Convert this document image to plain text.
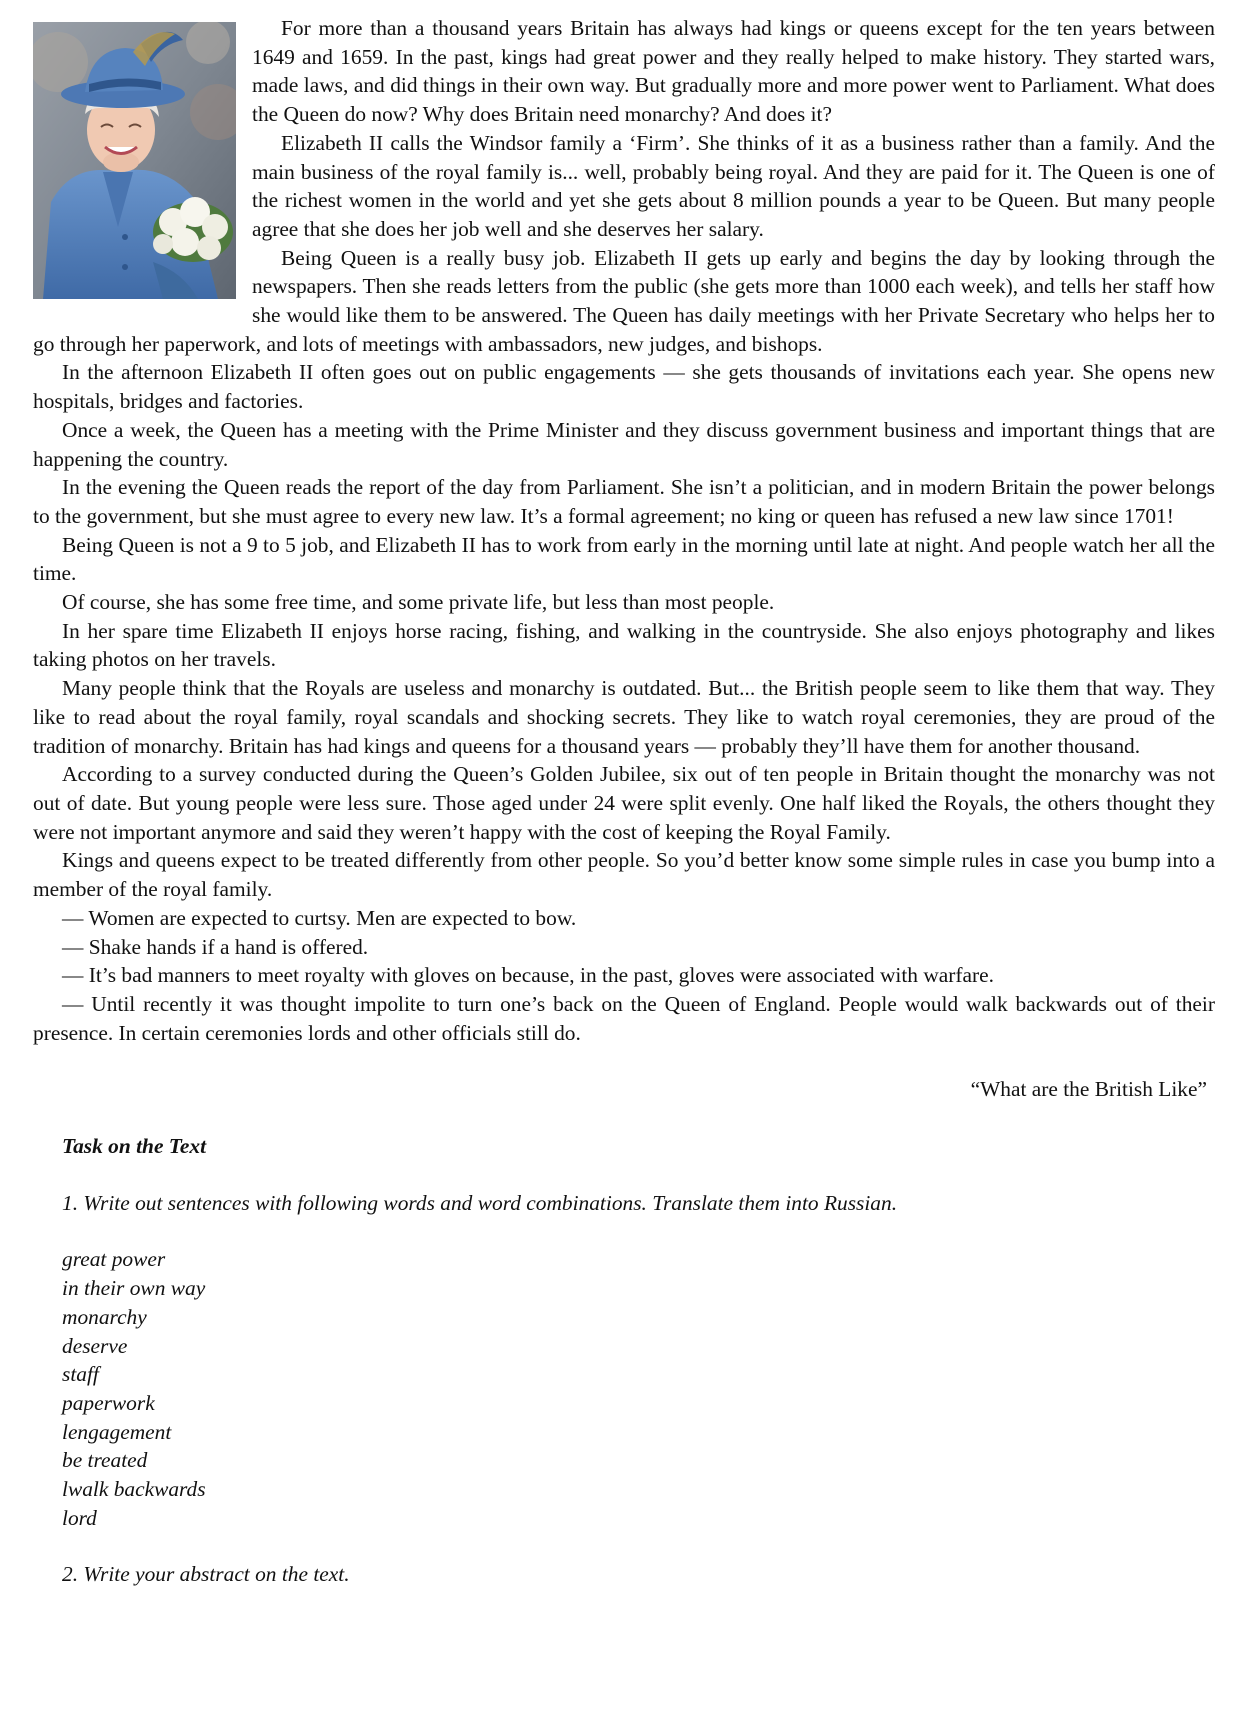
For more than a thousand years Britain has always had kings or queens except for the ten years between 1649 and 1659. In the past, kings had great power and they really helped to make history. They started wars, made laws, and did things in their own way. But gradually more and more power went to Parliament. What does the Queen do now? Why does Britain need monarchy? And does it?

Elizabeth II calls the Windsor family a ‘Firm’. She thinks of it as a business rather than a family. And the main business of the royal family is... well, probably being royal. And they are paid for it. The Queen is one of the richest women in the world and yet she gets about 8 million pounds a year to be Queen. But many people agree that she does her job well and she deserves her salary.

Being Queen is a really busy job. Elizabeth II gets up early and begins the day by looking through the newspapers. Then she reads letters from the public (she gets more than 1000 each week), and tells her staff how she would like them to be answered. The Queen has daily meetings with her Private Secretary who helps her to go through her paperwork, and lots of meetings with ambassadors, new judges, and bishops.

In the afternoon Elizabeth II often goes out on public engagements — she gets thousands of invitations each year. She opens new hospitals, bridges and factories.

Once a week, the Queen has a meeting with the Prime Minister and they discuss government business and important things that are happening the country.

In the evening the Queen reads the report of the day from Parliament. She isn’t a politician, and in modern Britain the power belongs to the government, but she must agree to every new law. It’s a formal agreement; no king or queen has refused a new law since 1701!

Being Queen is not a 9 to 5 job, and Elizabeth II has to work from early in the morning until late at night. And people watch her all the time.

Of course, she has some free time, and some private life, but less than most people.

In her spare time Elizabeth II enjoys horse racing, fishing, and walking in the countryside. She also enjoys photography and likes taking photos on her travels.

Many people think that the Royals are useless and monarchy is outdated. But... the British people seem to like them that way. They like to read about the royal family, royal scandals and shocking secrets. They like to watch royal ceremonies, they are proud of the tradition of monarchy. Britain has had kings and queens for a thousand years — probably they’ll have them for another thousand.

According to a survey conducted during the Queen’s Golden Jubilee, six out of ten people in Britain thought the monarchy was not out of date. But young people were less sure. Those aged under 24 were split evenly. One half liked the Royals, the others thought they were not important anymore and said they weren’t happy with the cost of keeping the Royal Family.

Kings and queens expect to be treated differently from other people. So you’d better know some simple rules in case you bump into a member of the royal family.

— Women are expected to curtsy. Men are expected to bow.

— Shake hands if a hand is offered.

— It’s bad manners to meet royalty with gloves on because, in the past, gloves were associated with warfare.

— Until recently it was thought impolite to turn one’s back on the Queen of England. People would walk backwards out of their presence. In certain ceremonies lords and other officials still do.

“What are the British Like”
Task on the Text
1. Write out sentences with following words and word combinations. Translate them into Russian.
great power
in their own way
monarchy
deserve
staff
paperwork
lengagement
be treated
lwalk backwards
lord
2. Write your abstract on the text.
